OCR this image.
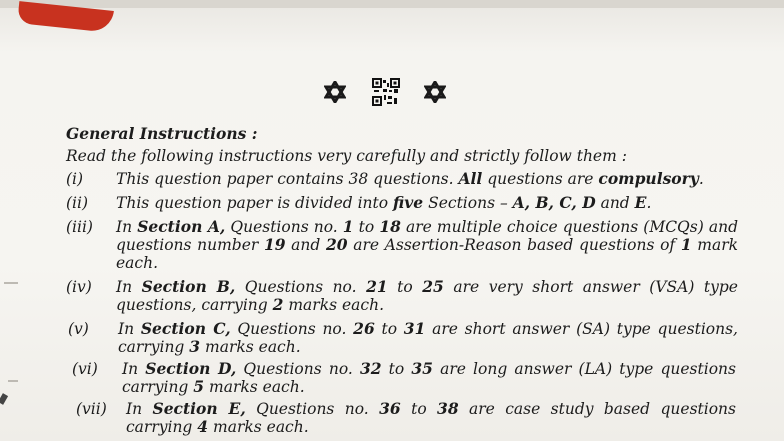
General Instructions :
Read the following instructions very carefully and strictly follow them :
(i) This question paper contains 38 questions. All questions are compulsory.
(ii) This question paper is divided into five Sections – A, B, C, D and E.
(iii) In Section A, Questions no. 1 to 18 are multiple choice questions (MCQs) and questions number 19 and 20 are Assertion-Reason based questions of 1 mark each.
(iv) In Section B, Questions no. 21 to 25 are very short answer (VSA) type questions, carrying 2 marks each.
(v) In Section C, Questions no. 26 to 31 are short answer (SA) type questions, carrying 3 marks each.
(vi) In Section D, Questions no. 32 to 35 are long answer (LA) type questions carrying 5 marks each.
(vii) In Section E, Questions no. 36 to 38 are case study based questions carrying 4 marks each.
